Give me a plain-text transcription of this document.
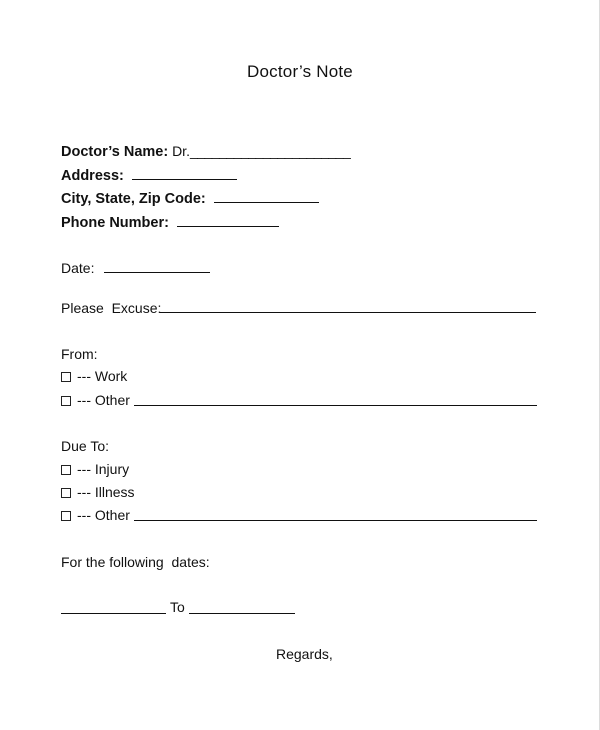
Doctor’s Note
Doctor’s Name: Dr.______________________
Address:
City, State, Zip Code:
Phone Number:
Date:
Please  Excuse:
From:
--- Work
--- Other
Due To:
--- Injury
--- Illness
--- Other
For the following  dates:
To
Regards,
